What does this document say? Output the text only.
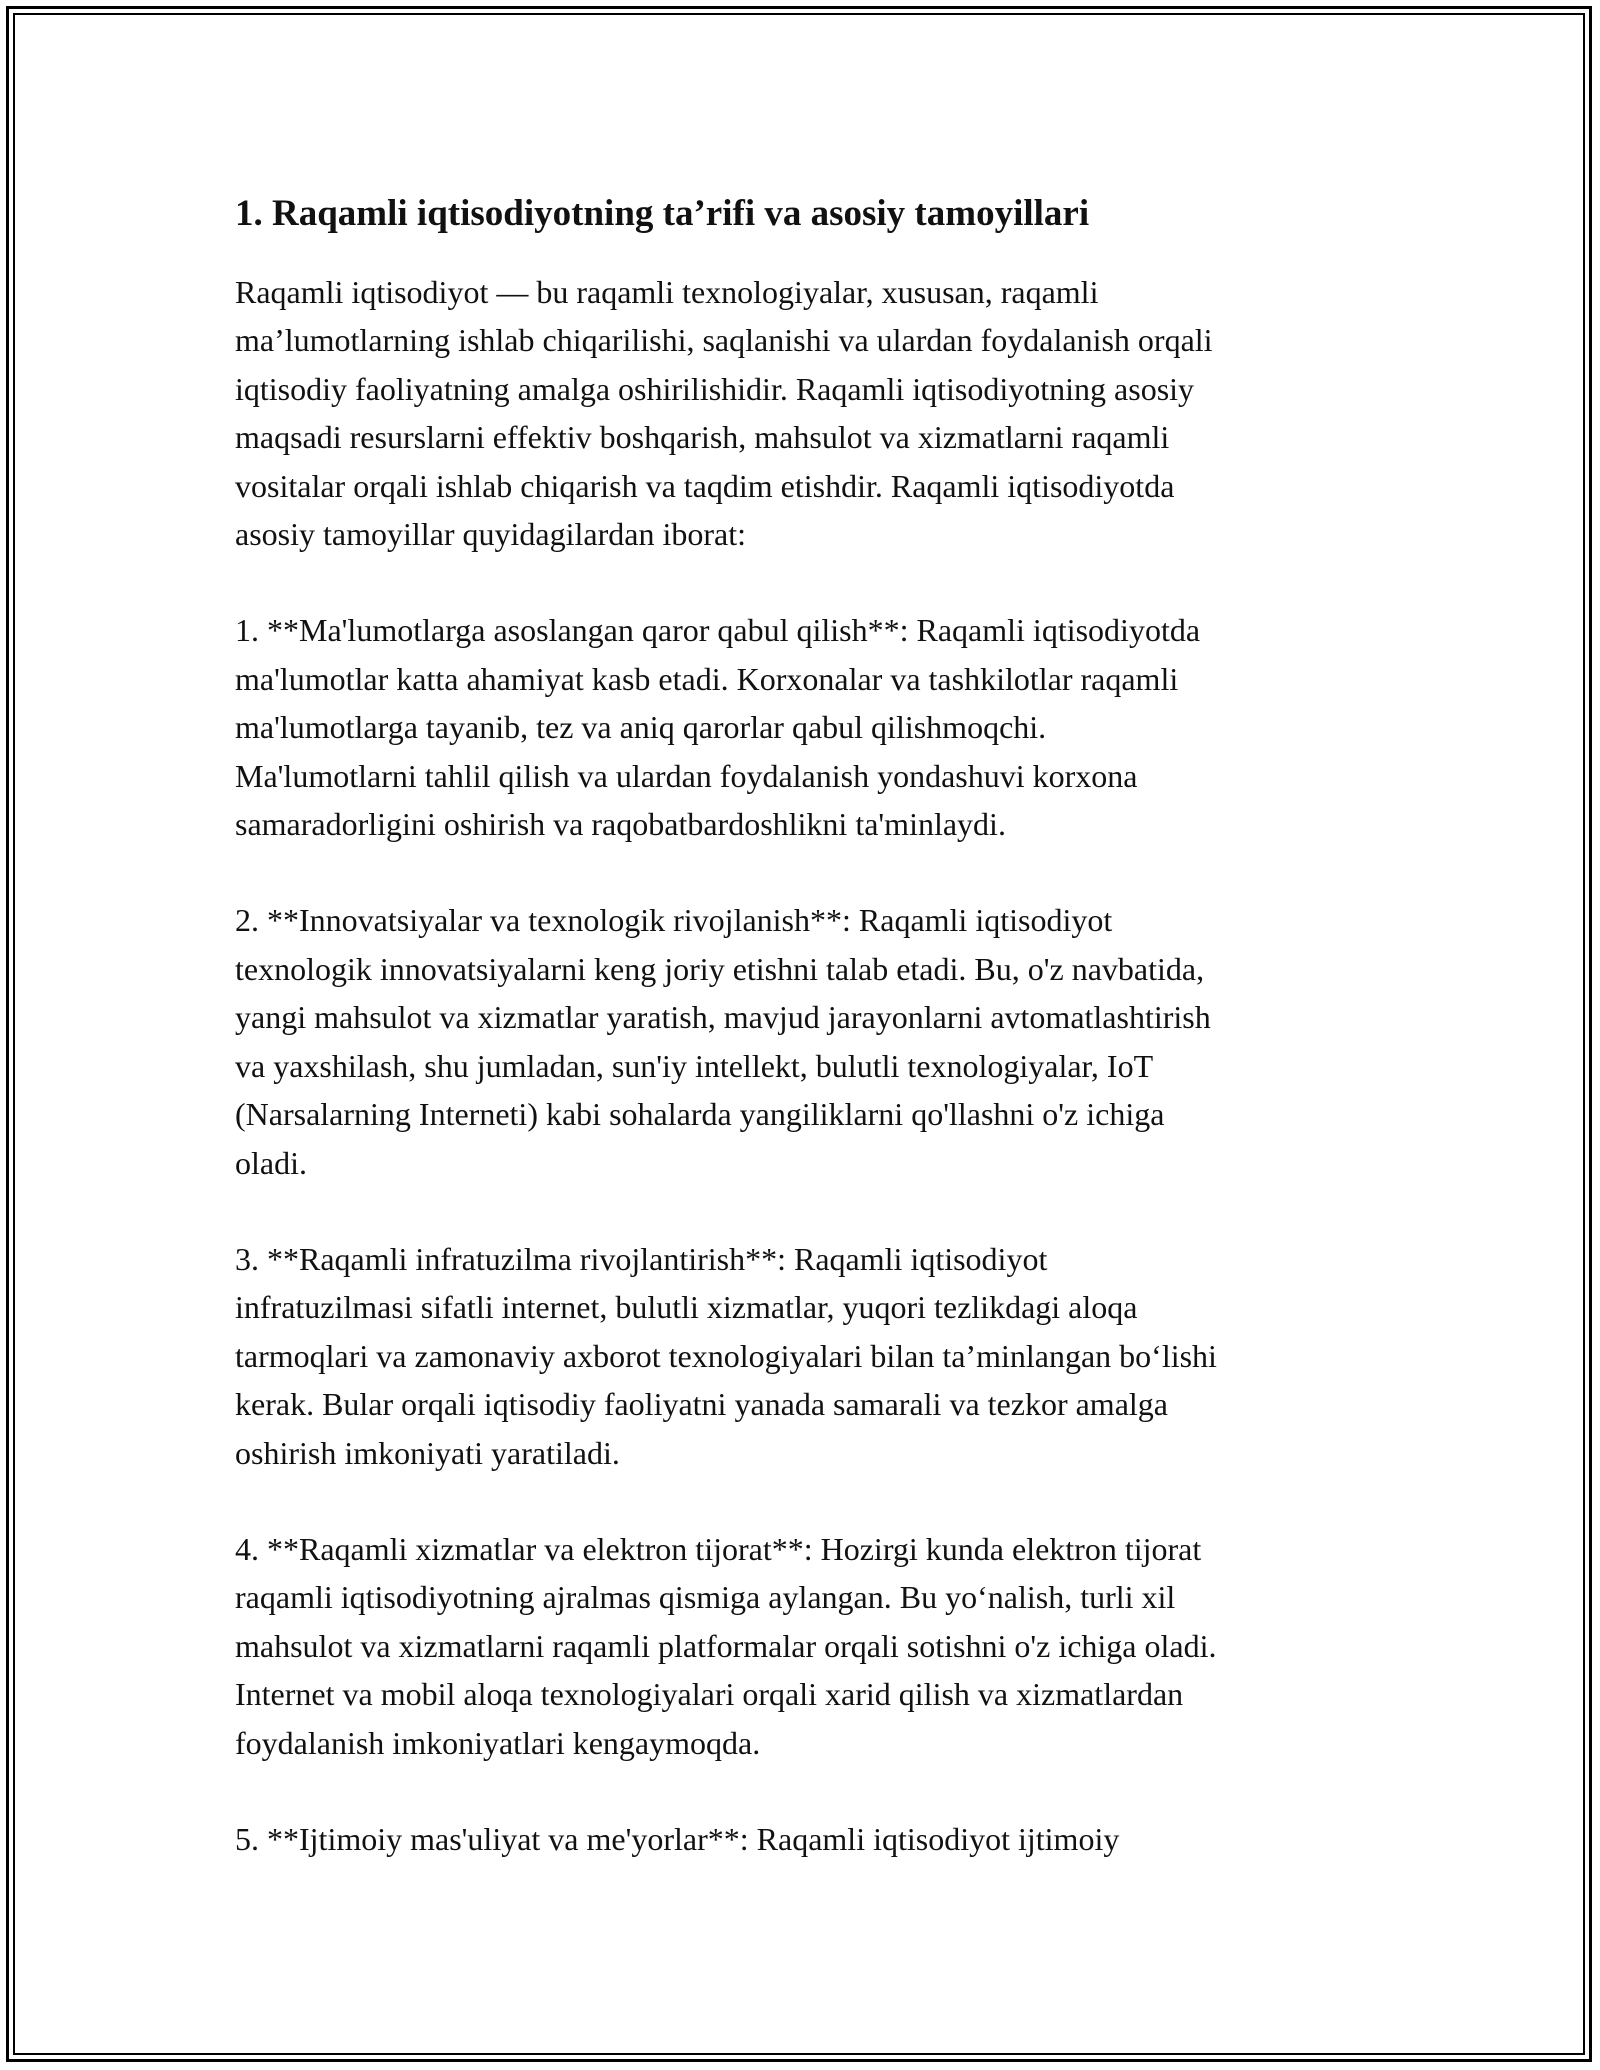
1. Raqamli iqtisodiyotning ta’rifi va asosiy tamoyillari

Raqamli iqtisodiyot — bu raqamli texnologiyalar, xususan, raqamli
ma’lumotlarning ishlab chiqarilishi, saqlanishi va ulardan foydalanish orqali
iqtisodiy faoliyatning amalga oshirilishidir. Raqamli iqtisodiyotning asosiy
maqsadi resurslarni effektiv boshqarish, mahsulot va xizmatlarni raqamli
vositalar orqali ishlab chiqarish va taqdim etishdir. Raqamli iqtisodiyotda
asosiy tamoyillar quyidagilardan iborat:

1. **Ma'lumotlarga asoslangan qaror qabul qilish**: Raqamli iqtisodiyotda
ma'lumotlar katta ahamiyat kasb etadi. Korxonalar va tashkilotlar raqamli
ma'lumotlarga tayanib, tez va aniq qarorlar qabul qilishmoqchi.
Ma'lumotlarni tahlil qilish va ulardan foydalanish yondashuvi korxona
samaradorligini oshirish va raqobatbardoshlikni ta'minlaydi.

2. **Innovatsiyalar va texnologik rivojlanish**: Raqamli iqtisodiyot
texnologik innovatsiyalarni keng joriy etishni talab etadi. Bu, o'z navbatida,
yangi mahsulot va xizmatlar yaratish, mavjud jarayonlarni avtomatlashtirish
va yaxshilash, shu jumladan, sun'iy intellekt, bulutli texnologiyalar, IoT
(Narsalarning Interneti) kabi sohalarda yangiliklarni qo'llashni o'z ichiga
oladi.

3. **Raqamli infratuzilma rivojlantirish**: Raqamli iqtisodiyot
infratuzilmasi sifatli internet, bulutli xizmatlar, yuqori tezlikdagi aloqa
tarmoqlari va zamonaviy axborot texnologiyalari bilan ta’minlangan bo‘lishi
kerak. Bular orqali iqtisodiy faoliyatni yanada samarali va tezkor amalga
oshirish imkoniyati yaratiladi.

4. **Raqamli xizmatlar va elektron tijorat**: Hozirgi kunda elektron tijorat
raqamli iqtisodiyotning ajralmas qismiga aylangan. Bu yo‘nalish, turli xil
mahsulot va xizmatlarni raqamli platformalar orqali sotishni o'z ichiga oladi.
Internet va mobil aloqa texnologiyalari orqali xarid qilish va xizmatlardan
foydalanish imkoniyatlari kengaymoqda.

5. **Ijtimoiy mas'uliyat va me'yorlar**: Raqamli iqtisodiyot ijtimoiy
